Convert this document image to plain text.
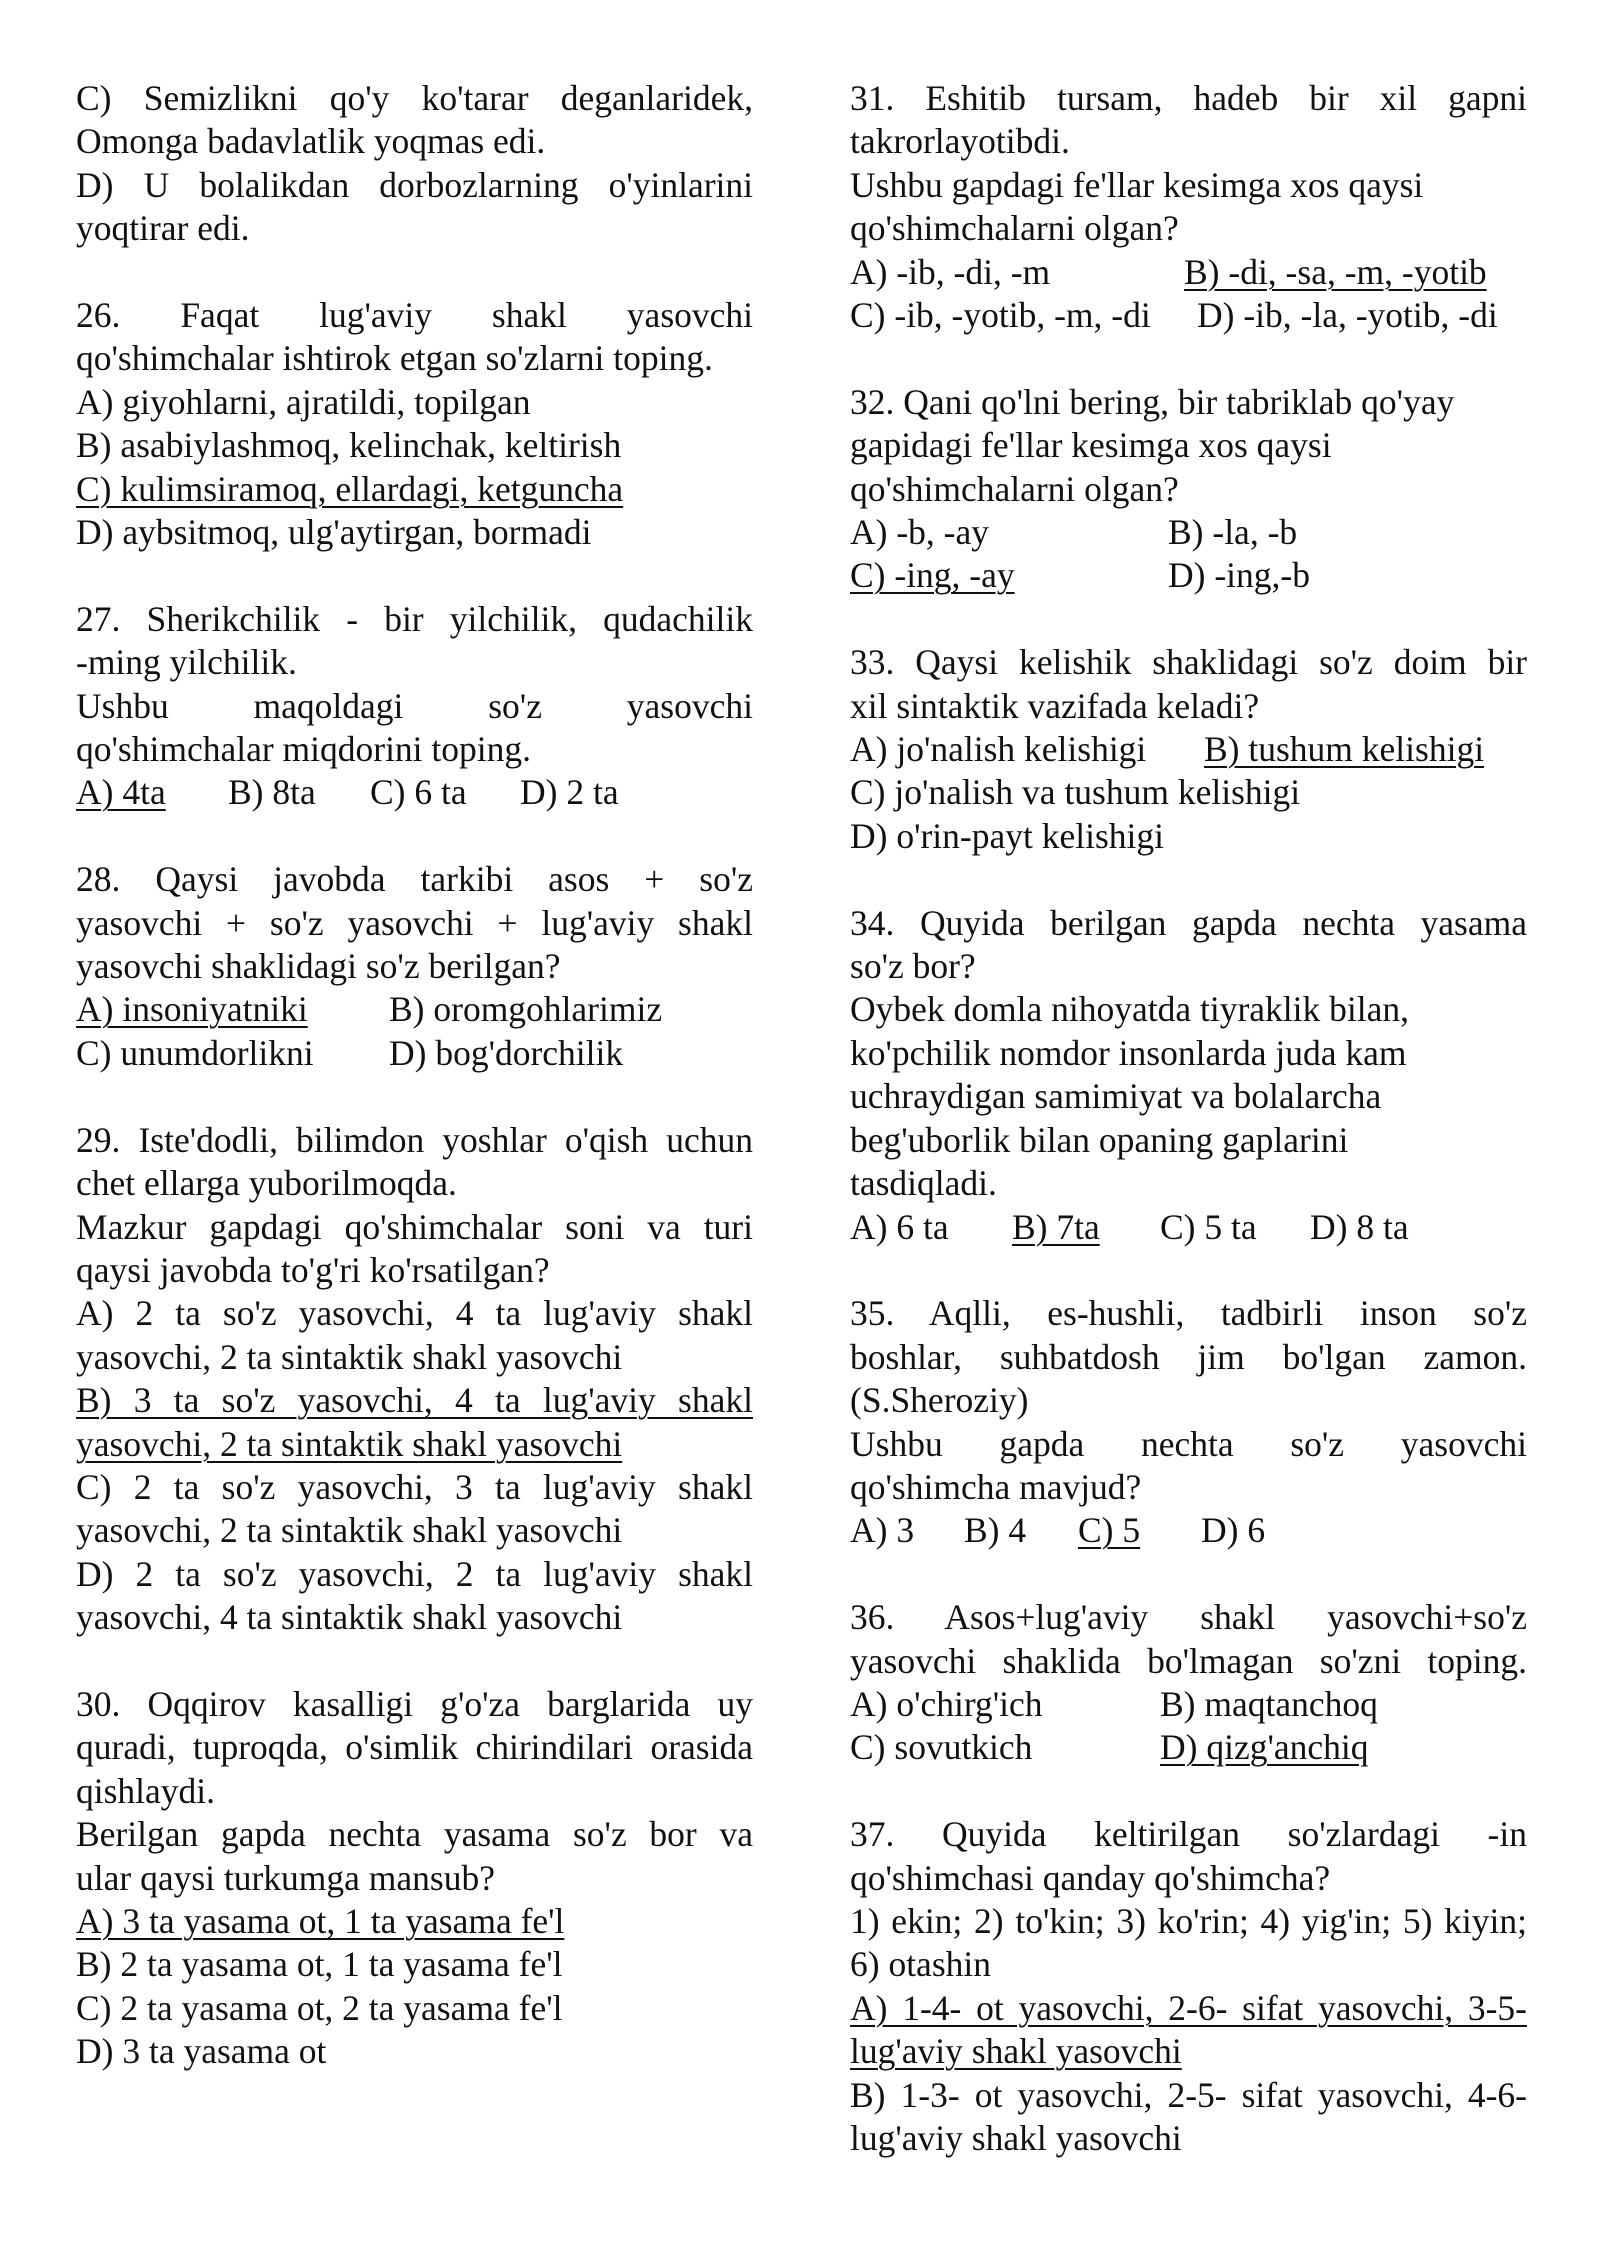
C) Semizlikni qo'y ko'tarar deganlaridek,

Omonga badavlatlik yoqmas edi.

D) U bolalikdan dorbozlarning o'yinlarini

yoqtirar edi.

26. Faqat lug'aviy shakl yasovchi

qo'shimchalar ishtirok etgan so'zlarni toping.

A) giyohlarni, ajratildi, topilgan

B) asabiylashmoq, kelinchak, keltirish

C) kulimsiramoq, ellardagi, ketguncha

D) aybsitmoq, ulg'aytirgan, bormadi

27. Sherikchilik - bir yilchilik, qudachilik

-ming yilchilik.

Ushbu maqoldagi so'z yasovchi

qo'shimchalar miqdorini toping.

A) 4ta	B) 8ta	C) 6 ta	D) 2 ta

28. Qaysi javobda tarkibi asos + so'z

yasovchi + so'z yasovchi + lug'aviy shakl

yasovchi shaklidagi so'z berilgan?

A) insoniyatniki	B) oromgohlarimiz
C) unumdorlikni	D) bog'dorchilik

29. Iste'dodli, bilimdon yoshlar o'qish uchun

chet ellarga yuborilmoqda.

Mazkur gapdagi qo'shimchalar soni va turi

qaysi javobda to'g'ri ko'rsatilgan?

A) 2 ta so'z yasovchi, 4 ta lug'aviy shakl

yasovchi, 2 ta sintaktik shakl yasovchi

B) 3 ta so'z yasovchi, 4 ta lug'aviy shakl

yasovchi, 2 ta sintaktik shakl yasovchi

C) 2 ta so'z yasovchi, 3 ta lug'aviy shakl

yasovchi, 2 ta sintaktik shakl yasovchi

D) 2 ta so'z yasovchi, 2 ta lug'aviy shakl

yasovchi, 4 ta sintaktik shakl yasovchi

30. Oqqirov kasalligi g'o'za barglarida uy

quradi, tuproqda, o'simlik chirindilari orasida

qishlaydi.

Berilgan gapda nechta yasama so'z bor va

ular qaysi turkumga mansub?

A) 3 ta yasama ot, 1 ta yasama fe'l

B) 2 ta yasama ot, 1 ta yasama fe'l

C) 2 ta yasama ot, 2 ta yasama fe'l

D) 3 ta yasama ot

31. Eshitib tursam, hadeb bir xil gapni

takrorlayotibdi.

Ushbu gapdagi fe'llar kesimga xos qaysi

qo'shimchalarni olgan?

A) -ib, -di, -m	B) -di, -sa, -m, -yotib
C) -ib, -yotib, -m, -di	D) -ib, -la, -yotib, -di

32. Qani qo'lni bering, bir tabriklab qo'yay

gapidagi fe'llar kesimga xos qaysi

qo'shimchalarni olgan?

A) -b, -ay	B) -la, -b
C) -ing, -ay	D) -ing,-b

33. Qaysi kelishik shaklidagi so'z doim bir

xil sintaktik vazifada keladi?

A) jo'nalish kelishigi	B) tushum kelishigi

C) jo'nalish va tushum kelishigi

D) o'rin-payt kelishigi

34. Quyida berilgan gapda nechta yasama

so'z bor?

Oybek domla nihoyatda tiyraklik bilan,

ko'pchilik nomdor insonlarda juda kam

uchraydigan samimiyat va bolalarcha

beg'uborlik bilan opaning gaplarini

tasdiqladi.

A) 6 ta	B) 7ta	C) 5 ta	D) 8 ta

35. Aqlli, es-hushli, tadbirli inson so'z

boshlar, suhbatdosh jim bo'lgan zamon.

(S.Sheroziy)

Ushbu gapda nechta so'z yasovchi

qo'shimcha mavjud?

A) 3	B) 4	C) 5	D) 6

36. Asos+lug'aviy shakl yasovchi+so'z

yasovchi shaklida bo'lmagan so'zni toping.

A) o'chirg'ich	B) maqtanchoq
C) sovutkich	D) qizg'anchiq

37. Quyida keltirilgan so'zlardagi -in

qo'shimchasi qanday qo'shimcha?

1) ekin; 2) to'kin; 3) ko'rin; 4) yig'in; 5) kiyin;

6) otashin

A) 1-4- ot yasovchi, 2-6- sifat yasovchi, 3-5-

lug'aviy shakl yasovchi

B) 1-3- ot yasovchi, 2-5- sifat yasovchi, 4-6-

lug'aviy shakl yasovchi
